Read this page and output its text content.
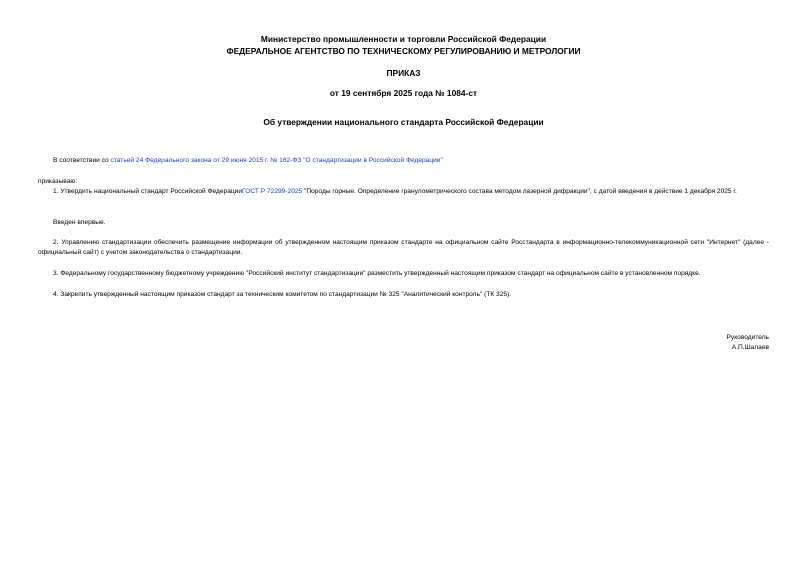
Министерство промышленности и торговли Российской Федерации
ФЕДЕРАЛЬНОЕ АГЕНТСТВО ПО ТЕХНИЧЕСКОМУ РЕГУЛИРОВАНИЮ И МЕТРОЛОГИИ
ПРИКАЗ
от 19 сентября 2025 года № 1084-ст
Об утверждении национального стандарта Российской Федерации
В соответствии со статьей 24 Федерального закона от 29 июня 2015 г. № 162-ФЗ "О стандартизации в Российской Федерации"
приказываю:
1. Утвердить национальный стандарт Российской ФедерацииГОСТ Р 72299-2025 "Породы горные. Определение гранулометрического состава методом лазерной дифракции", с датой введения в действие 1 декабря 2025 г.
Введен впервые.
2. Управлению стандартизации обеспечить размещение информации об утвержденном настоящим приказом стандарте на официальном сайте Росстандарта в информационно-телекоммуникационной сети "Интернет" (далее - официальный сайт) с учетом законодательства о стандартизации.
3. Федеральному государственному бюджетному учреждению "Российский институт стандартизации" разместить утвержденный настоящим приказом стандарт на официальном сайте в установленном порядке.
4. Закрепить утвержденный настоящим приказом стандарт за техническим комитетом по стандартизации № 325 "Аналитический контроль" (ТК 325).
Руководитель
А.П.Шалаев
